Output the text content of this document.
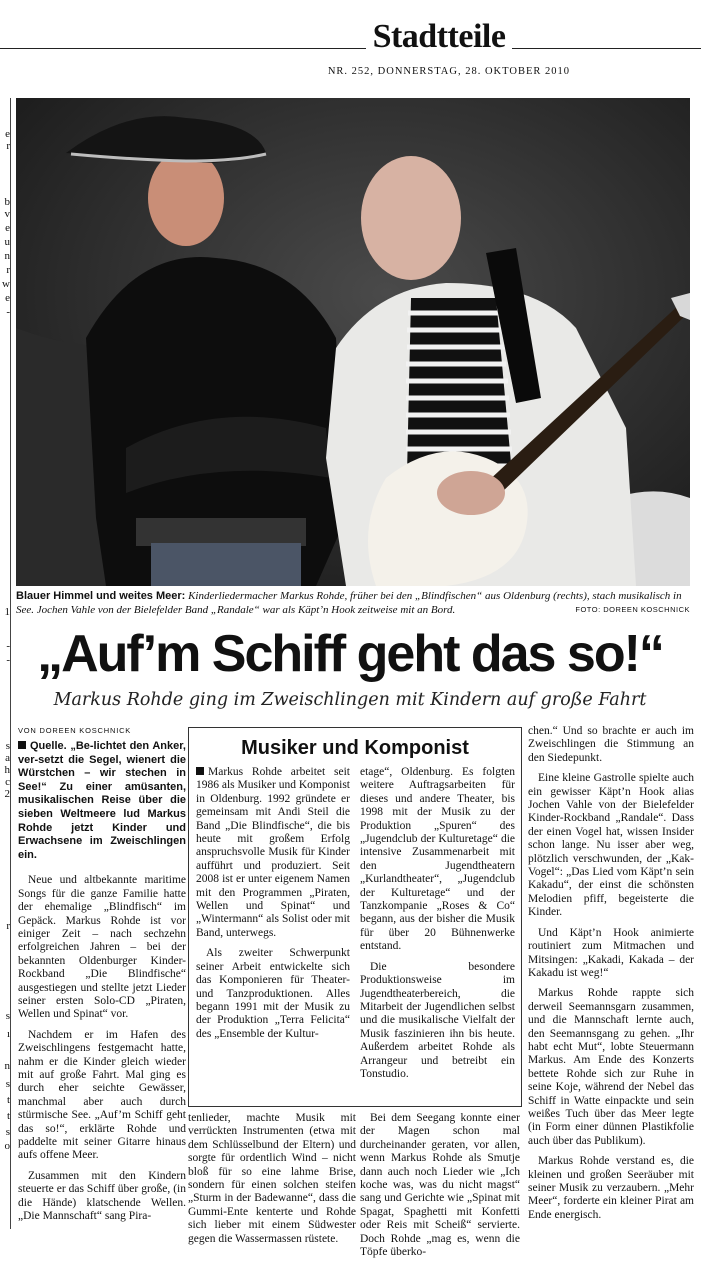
Stadtteile
NR. 252, DONNERSTAG, 28. OKTOBER 2010
e
r
b
v
e
u
n
r
w
e
-
1
-
-
s
a
h
c
2
r
s
ı
n
s
t
t
s
o
Blauer Himmel und weites Meer: Kinderliedermacher Markus Rohde, früher bei den „Blindfischen“ aus Oldenburg (rechts), stach musikalisch in See. Jochen Vahle von der Bielefelder Band „Randale“ war als Käpt’n Hook zeitweise mit an Bord.	FOTO: DOREEN KOSCHNICK
„Auf’m Schiff geht das so!“
Markus Rohde ging im Zweischlingen mit Kindern auf große Fahrt
VON DOREEN KOSCHNICK

Quelle. „Be-lichtet den Anker, ver-setzt die Segel, wienert die Würstchen – wir stechen in See!“ Zu einer amüsanten, musikalischen Reise über die sieben Weltmeere lud Markus Rohde jetzt Kinder und Erwachsene im Zweischlingen ein.

Neue und altbekannte maritime Songs für die ganze Familie hatte der ehemalige „Blindfisch“ im Gepäck. Markus Rohde ist vor einiger Zeit – nach sechzehn erfolgreichen Jahren – bei der bekannten Oldenburger Kinder-Rockband „Die Blindfische“ ausgestiegen und stellte jetzt Lieder seiner ersten Solo-CD „Piraten, Wellen und Spinat“ vor.

Nachdem er im Hafen des Zweischlingens festgemacht hatte, nahm er die Kinder gleich wieder mit auf große Fahrt. Mal ging es durch eher seichte Gewässer, manchmal aber auch durch stürmische See. „Auf’m Schiff geht das so!“, erklärte Rohde und paddelte mit seiner Gitarre hinaus aufs offene Meer.

Zusammen mit den Kindern steuerte er das Schiff über große, (in die Hände) klatschende Wellen. „Die Mannschaft“ sang Pira-

Musiker und Komponist

Markus Rohde arbeitet seit 1986 als Musiker und Komponist in Oldenburg. 1992 gründete er gemeinsam mit Andi Steil die Band „Die Blindfische“, die bis heute mit großem Erfolg anspruchsvolle Musik für Kinder aufführt und produziert. Seit 2008 ist er unter eigenem Namen mit den Programmen „Piraten, Wellen und Spinat“ und „Wintermann“ als Solist oder mit Band, unterwegs.

Als zweiter Schwerpunkt seiner Arbeit entwickelte sich das Komponieren für Theater- und Tanzproduktionen. Alles begann 1991 mit der Musik zu der Produktion „Terra Felicita“ des „Ensemble der Kultur-

etage“, Oldenburg. Es folgten weitere Auftragsarbeiten für dieses und andere Theater, bis 1998 mit der Musik zu der Produktion „Spuren“ des „Jugendclub der Kulturetage“ die intensive Zusammenarbeit mit den Jugendtheatern „Kurlandtheater“, „Jugendclub der Kulturetage“ und der Tanzkompanie „Roses & Co“ begann, aus der bisher die Musik für über 20 Bühnenwerke entstand.

Die besondere Produktionsweise im Jugendtheaterbereich, die Mitarbeit der Jugendlichen selbst und die musikalische Vielfalt der Musik faszinieren ihn bis heute. Außerdem arbeitet Rohde als Arrangeur und betreibt ein Tonstudio.

tenlieder, machte Musik mit verrückten Instrumenten (etwa mit dem Schlüsselbund der Eltern) und sorgte für ordentlich Wind – nicht bloß für so eine lahme Brise, sondern für einen solchen steifen „Sturm in der Badewanne“, dass die Gummi-Ente kenterte und Rohde sich lieber mit einem Südwester gegen die Wassermassen rüstete.

Bei dem Seegang konnte einer der Magen schon mal durcheinander geraten, vor allen, wenn Markus Rohde als Smutje dann auch noch Lieder wie „Ich koche was, was du nicht magst“ sang und Gerichte wie „Spinat mit Spagat, Spaghetti mit Konfetti oder Reis mit Scheiß“ servierte. Doch Rohde „mag es, wenn die Töpfe überko-

chen.“ Und so brachte er auch im Zweischlingen die Stimmung an den Siedepunkt.

Eine kleine Gastrolle spielte auch ein gewisser Käpt’n Hook alias Jochen Vahle von der Bielefelder Kinder-Rockband „Randale“. Dass der einen Vogel hat, wissen Insider schon lange. Nu isser aber weg, plötzlich verschwunden, der „Kak-Vogel“: „Das Lied vom Käpt’n sein Kakadu“, der einst die schönsten Melodien pfiff, begeisterte die Kinder.

Und Käpt’n Hook animierte routiniert zum Mitmachen und Mitsingen: „Kakadi, Kakada – der Kakadu ist weg!“

Markus Rohde rappte sich derweil Seemannsgarn zusammen, und die Mannschaft lernte auch, den Seemannsgang zu gehen. „Ihr habt echt Mut“, lobte Steuermann Markus. Am Ende des Konzerts bettete Rohde sich zur Ruhe in seine Koje, während der Nebel das Schiff in Watte einpackte und sein weißes Tuch über das Meer legte (in Form einer dünnen Plastikfolie auch über das Publikum).

Markus Rohde verstand es, die kleinen und großen Seeräuber mit seiner Musik zu verzaubern. „Mehr Meer“, forderte ein kleiner Pirat am Ende energisch.
